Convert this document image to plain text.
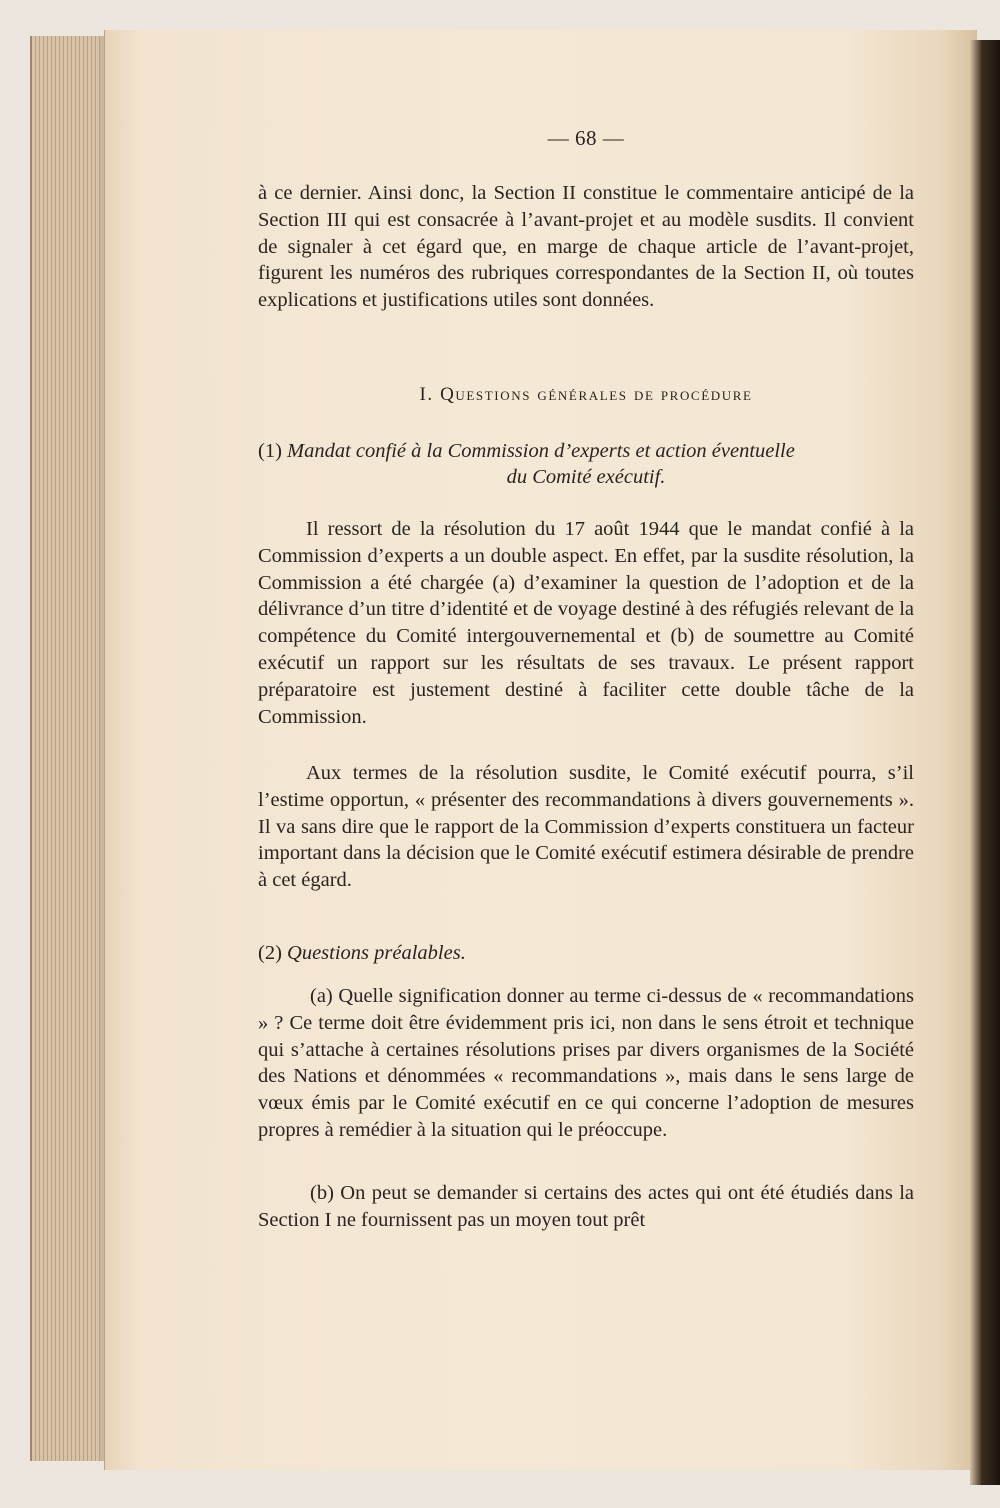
— 68 —
à ce dernier. Ainsi donc, la Section II constitue le commentaire anticipé de la Section III qui est consacrée à l’avant-projet et au modèle susdits. Il convient de signaler à cet égard que, en marge de chaque article de l’avant-projet, figurent les numéros des rubriques correspondantes de la Section II, où toutes explications et justifications utiles sont données.
I. Questions générales de procédure
(1) Mandat confié à la Commission d’experts et action éventuelle
du Comité exécutif.
Il ressort de la résolution du 17 août 1944 que le mandat confié à la Commission d’experts a un double aspect. En effet, par la susdite résolution, la Commission a été chargée (a) d’examiner la question de l’adoption et de la délivrance d’un titre d’identité et de voyage destiné à des réfugiés relevant de la compétence du Comité intergouvernemental et (b) de soumettre au Comité exécutif un rapport sur les résultats de ses travaux. Le présent rapport préparatoire est justement destiné à faciliter cette double tâche de la Commission.
Aux termes de la résolution susdite, le Comité exécutif pourra, s’il l’estime opportun, « présenter des recommandations à divers gouvernements ». Il va sans dire que le rapport de la Commission d’experts constituera un facteur important dans la décision que le Comité exécutif estimera désirable de prendre à cet égard.
(2) Questions préalables.
(a) Quelle signification donner au terme ci-dessus de « recommandations » ? Ce terme doit être évidemment pris ici, non dans le sens étroit et technique qui s’attache à certaines résolutions prises par divers organismes de la Société des Nations et dénommées « recommandations », mais dans le sens large de vœux émis par le Comité exécutif en ce qui concerne l’adoption de mesures propres à remédier à la situation qui le préoccupe.
(b) On peut se demander si certains des actes qui ont été étudiés dans la Section I ne fournissent pas un moyen tout prêt
